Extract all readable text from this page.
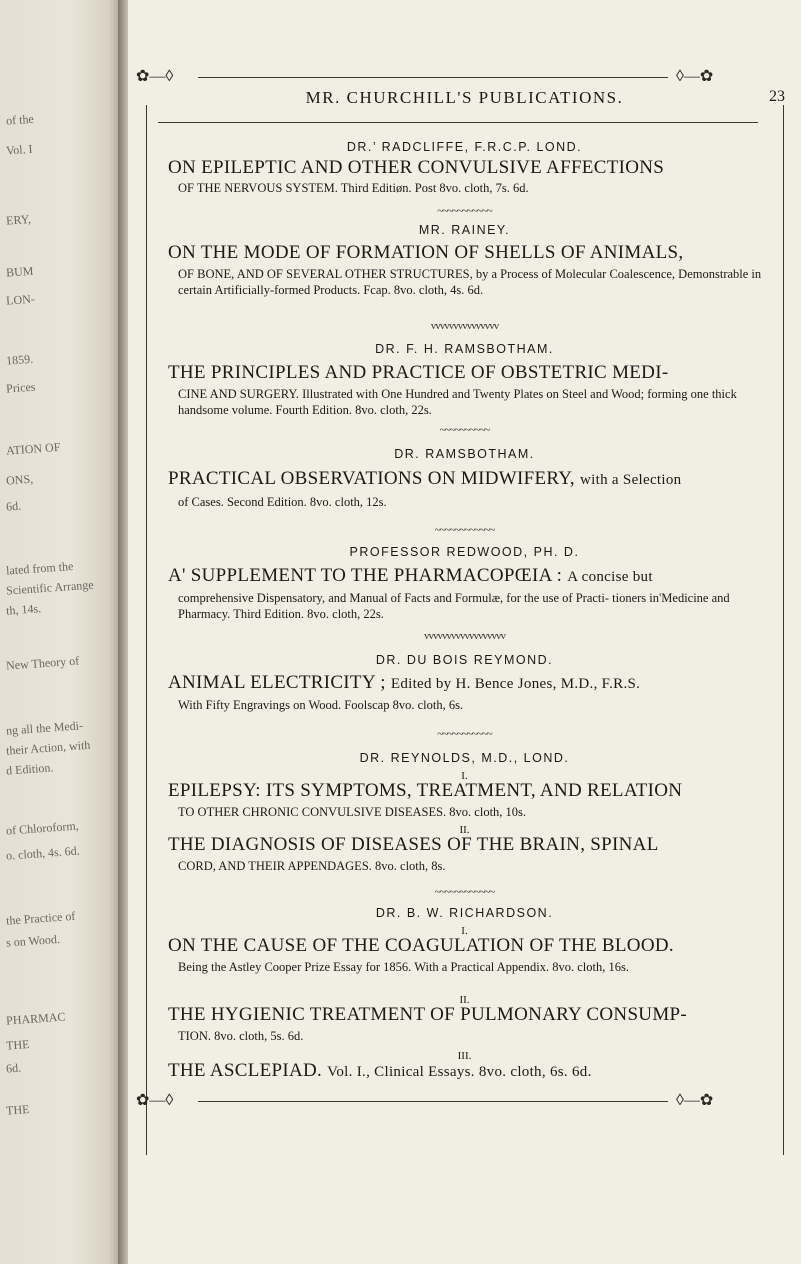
of the
Vol. I
ERY,
BUM
LON-
1859.
Prices
ATION OF
ONS,
6d.
lated from the
Scientific Arrange
th, 14s.
New Theory of
ng all the Medi-
their Action, with
d Edition.
of Chloroform,
o. cloth, 4s. 6d.
the Practice of
s on Wood.
PHARMAC
THE
6d.
THE
✿—◊	◊—✿
MR. CHURCHILL'S PUBLICATIONS.	23
DR.’ RADCLIFFE, F.R.C.P. LOND.
ON EPILEPTIC AND OTHER CONVULSIVE AFFECTIONS
OF THE NERVOUS SYSTEM. Third Editiøn. Post 8vo. cloth, 7s. 6d.
~~~~~~~~~~~
MR. RAINEY.
ON THE MODE OF FORMATION OF SHELLS OF ANIMALS,
OF BONE, AND OF SEVERAL OTHER STRUCTURES, by a Process of Molecular Coalescence, Demonstrable in certain Artificially-formed Products. Fcap. 8vo. cloth, 4s. 6d.
vvvvvvvvvvvvvvv
DR. F. H. RAMSBOTHAM.
THE PRINCIPLES AND PRACTICE OF OBSTETRIC MEDI-
CINE AND SURGERY. Illustrated with One Hundred and Twenty Plates on Steel and Wood; forming one thick handsome volume. Fourth Edition. 8vo. cloth, 22s.
~~~~~~~~~~
DR. RAMSBOTHAM.
PRACTICAL OBSERVATIONS ON MIDWIFERY, with a Selection
of Cases. Second Edition. 8vo. cloth, 12s.
~~~~~~~~~~~~
PROFESSOR REDWOOD, PH. D.
A' SUPPLEMENT TO THE PHARMACOPŒIA : A concise but
comprehensive Dispensatory, and Manual of Facts and Formulæ, for the use of Practi- tioners in'Medicine and Pharmacy. Third Edition. 8vo. cloth, 22s.
vvvvvvvvvvvvvvvvvv
DR. DU BOIS REYMOND.
ANIMAL ELECTRICITY ; Edited by H. Bence Jones, M.D., F.R.S.
With Fifty Engravings on Wood. Foolscap 8vo. cloth, 6s.
~~~~~~~~~~~
DR. REYNOLDS, M.D., LOND.
I.
EPILEPSY: ITS SYMPTOMS, TREATMENT, AND RELATION
TO OTHER CHRONIC CONVULSIVE DISEASES. 8vo. cloth, 10s.
II.
THE DIAGNOSIS OF DISEASES OF THE BRAIN, SPINAL
CORD, AND THEIR APPENDAGES. 8vo. cloth, 8s.
~~~~~~~~~~~~
DR. B. W. RICHARDSON.
I.
ON THE CAUSE OF THE COAGULATION OF THE BLOOD.
Being the Astley Cooper Prize Essay for 1856. With a Practical Appendix. 8vo. cloth, 16s.
II.
THE HYGIENIC TREATMENT OF PULMONARY CONSUMP-
TION. 8vo. cloth, 5s. 6d.
III.
THE ASCLEPIAD. Vol. I., Clinical Essays. 8vo. cloth, 6s. 6d.
✿—◊	◊—✿
